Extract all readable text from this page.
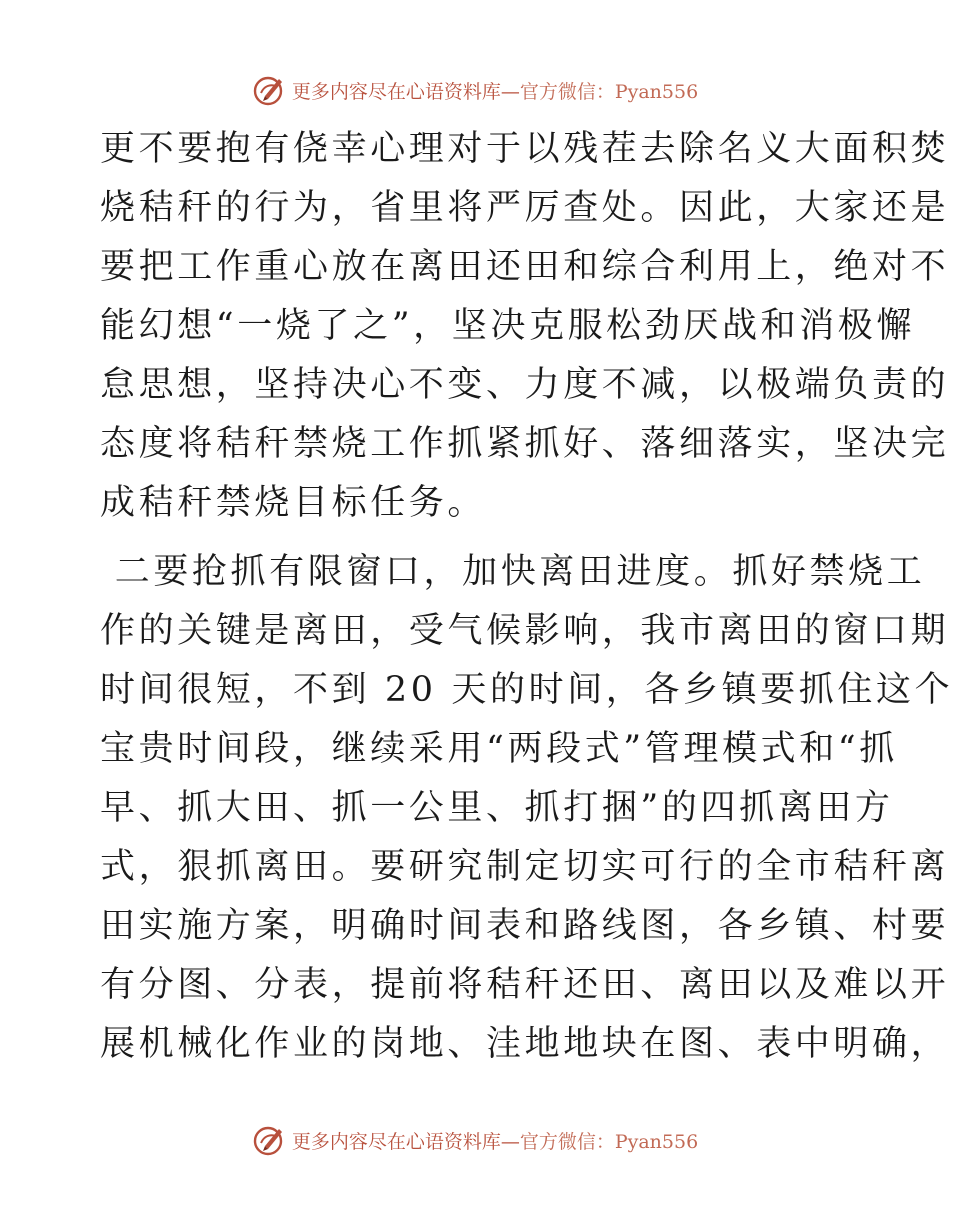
更多内容尽在心语资料库—官方微信：Pyan556

更不要抱有侥幸心理对于以残茬去除名义大面积焚

烧秸秆的行为，省里将严厉查处。因此，大家还是

要把工作重心放在离田还田和综合利用上，绝对不

能幻想“一烧了之”，坚决克服松劲厌战和消极懈

怠思想，坚持决心不变、力度不减，以极端负责的

态度将秸秆禁烧工作抓紧抓好、落细落实，坚决完

成秸秆禁烧目标任务。

二要抢抓有限窗口，加快离田进度。抓好禁烧工

作的关键是离田，受气候影响，我市离田的窗口期

时间很短，不到 20 天的时间，各乡镇要抓住这个

宝贵时间段，继续采用“两段式”管理模式和“抓

早、抓大田、抓一公里、抓打捆”的四抓离田方

式，狠抓离田。要研究制定切实可行的全市秸秆离

田实施方案，明确时间表和路线图，各乡镇、村要

有分图、分表，提前将秸秆还田、离田以及难以开

展机械化作业的岗地、洼地地块在图、表中明确，

更多内容尽在心语资料库—官方微信：Pyan556
